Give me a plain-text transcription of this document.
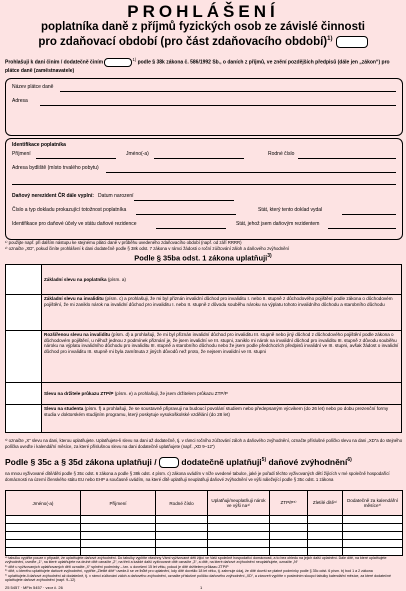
PROHLÁŠENÍ
poplatníka daně z příjmů fyzických osob ze závislé činnosti
pro zdaňovací období (pro část zdaňovacího období)$^{1)}$
Prohlašuji k dani činím / dodatečně činím $^{1)}$ podle § 38k zákona č. 586/1992 Sb., o daních z příjmů, ve znění pozdějších předpisů (dále jen „zákon“) pro plátce daně (zaměstnavatele)
Název plátce daně
Adresa
Identifikace poplatníka
Příjmení	Jméno(-a)	Rodné číslo
Adresa bydliště (místo trvalého pobytu)
Daňový nerezident ČR dále vyplní: Datum narození
Číslo a typ dokladu prokazující totožnost poplatníka	Stát, který tento doklad vydal
Identifikace pro daňové účely ve státu daňové rezidence	Stát, jehož jsem daňovým rezidentem
¹⁾ použijte např. při dalším nástupu ke stejnému plátci daně v průběhu uvedeného zdaňovacího období (např. od září RRRR)
²⁾ označte „XD“, pokud činíte prohlášení k dani dodatečně podle § 38k odst. 7 zákona v rámci žádosti o roční zúčtování záloh a daňového zvýhodnění
Podle § 35ba odst. 1 zákona uplatňuji$^{3)}$
	Základní slevu na poplatníka (písm. a)
	Základní slevu na invaliditu (písm. c) a prohlašuji, že mi byl přiznán invalidní důchod pro invaliditu I. nebo II. stupně z důchodového pojištění podle zákona o důchodovém pojištění, že mi zaniklo nárok na invalidní důchod pro invaliditu I. nebo II. stupně z důvodu souběhu nároku na výplatu tohoto invalidního důchodu a starobního důchodu
	Rozšířenou slevu na invaliditu (písm. d) a prohlašuji, že mi byl přiznán invalidní důchod pro invaliditu III. stupně nebo jiný důchod z důchodového pojištění podle zákona o důchodovém pojištění, u něhož jednou z podmínek přiznání je, že jsem invalidní ve III. stupni, zaniklo mi nárok na invalidní důchod pro invaliditu III. stupně z důvodu souběhu nároku na výplatu invalidního důchodu pro invaliditu III. stupně a starobního důchodu nebo že jsem podle předchozích předpisů invalidní ve III. stupni, avšak žádost o invalidní důchod pro invaliditu III. stupně mi byla zamítnuta z jiných důvodů než proto, že nejsem invalidní ve III. stupni
	Slevu na držitele průkazu ZTP/P (písm. e) a prohlašuji, že jsem držitelem průkazu ZTP/P
	Slevu na studenta (písm. f) a prohlašuji, že se soustavně připravuji na budoucí povolání studiem nebo předepsaným výcvikem (do 26 let) nebo po dobu prezenční formy studia v doktorském studijním programu, který poskytuje vysokoškolské vzdělání (do 28 let)
³⁾ označte „X“ slevu na dani, kterou uplatňujete. Uplatňujete-li slevu na dani až dodatečně, tj. v rámci ročního zúčtování záloh a daňového zvýhodnění, označte příslušné políčko slevu na dani „XD“a do stejného políčka uveďte i kalendářní měsíce, za které příslušnou slevu na dani dodatečně uplatňujete (např. „XD 9–12“)
Podle § 35c a § 35d zákona uplatňuji /	dodatečně uplatňuji$^{5)}$ daňové zvýhodnění$^{6)}$
na mnou vyživované dítě/děti podle § 35c odst. 6 zákona a podle § 38k odst. 4 písm. c) zákona uvádím v níže uvedené tabulce, jaké je pořadí těchto vyživovaných dětí žijících v mé společně hospodařící domácnosti na území členského státu EU nebo EHP a současně uvádím, na které dítě uplatňuji neuplatňuji daňové zvýhodnění ve výši náležející podle § 35c odst. 1 zákona
Jméno(-a)	Příjmení	Rodné číslo	Uplatňuji/neuplatňuji nárok ve výši na⁴⁾	ZTP/P⁵⁾	Zletilé dítě⁶⁾	Dodatečně za kalendářní měsíce⁷⁾

⁴⁾ tabulku vyplňte pouze v případě, že uplatňujete daňové zvýhodnění. Do tabulky vyplňte všechny Vámi vyživované děti žijící ve Vaší společně hospodařící domácnosti, a to bez ohledu na jejich další uplatnění. Dále dítě, na které uplatňujete zvýhodnění, uveďte „1“, na které uplatňujete na druhé dítě označte „2“, na třetí a každé další vyživované dítě označte „3“, a dítě, na které daňové zvýhodnění neuplatňujete, označte „N“
⁵⁾ dítě u vyživovaných uplatňovaných dětí označte „X“ splnění podmínky – tzn. u dovršení 15 let věku, pokud je dítě držitelem průkazu ZTP/P
⁶⁾ dítě, u kterého uplatňujete daňové zvýhodnění, vyplňte „Zletilé dítě“ uvede-li se ve lhůtě pro uplatnění, kdy dítě dovršilo 18 let věku, tj. zahrnuje údaj, že dítě dovrší se platné podmínky podle § 35c odst. 6 písm. b) bod 1 a 2 zákona
⁷⁾ uplatňujete-li daňové zvýhodnění až dodatečně, tj. v rámci zúčtování záloh a daňového zvýhodnění, označte příslušné políčko daňového zvýhodnění „XD“, a zároveň vyplňte v posledním sloupci tabulky kalendářní měsíce, za které dodatečné uplatňujete daňové zvýhodnění (např. 9–12)
25 5457 · MFin 5457 · vzor č. 26	1
